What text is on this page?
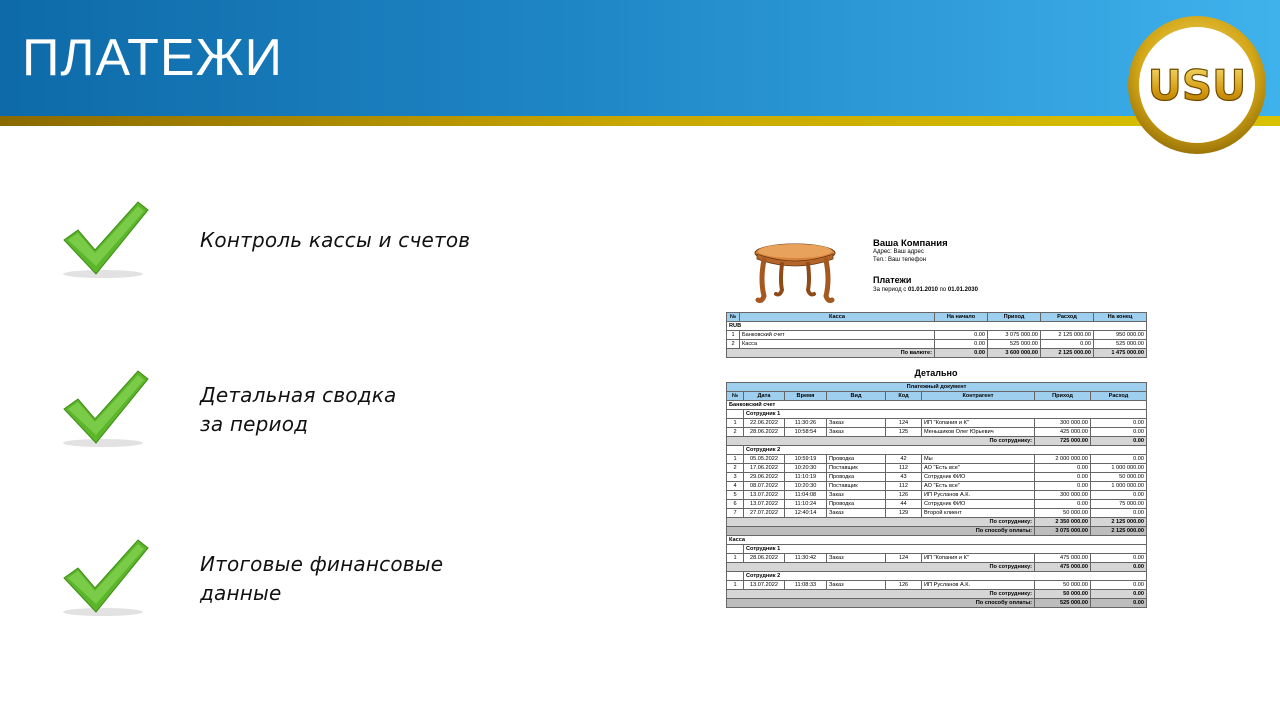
ПЛАТЕЖИ	USU
Контроль кассы и счетов
Детальная сводка
за период
Итоговые финансовые
данные
Ваша Компания
Адрес: Ваш адрес
Тел.: Ваш телефон
Платежи
За период с 01.01.2010 по 01.01.2030
№	Касса	На начало	Приход	Расход	На конец
RUB					
1	Банковский счет	0.00	3 075 000.00	2 125 000.00	950 000.00
2	Касса	0.00	525 000.00	0.00	525 000.00
По валюте:		0.00	3 600 000.00	2 125 000.00	1 475 000.00
Детально
Платежный документ							
№	Дата	Время	Вид	Код	Контрагент	Приход	Расход
Банковский счет							
	Сотрудник 1						
1	22.06.2022	11:30:26	Заказ	124	ИП "Копания и К"	300 000.00	0.00
2	28.06.2022	10:58:54	Заказ	125	Меньшиков Олег Юрьевич	425 000.00	0.00
По сотруднику:						725 000.00	0.00
	Сотрудник 2						
1	05.05.2022	10:59:19	Проводка	42	Мы	2 000 000.00	0.00
2	17.06.2022	10:20:30	Поставщик	112	АО "Есть все"	0.00	1 000 000.00
3	29.06.2022	11:10:19	Проводка	43	Сотрудник ФИО	0.00	50 000.00
4	08.07.2022	10:20:30	Поставщик	112	АО "Есть все"	0.00	1 000 000.00
5	13.07.2022	11:04:08	Заказ	126	ИП Русланов А.К.	300 000.00	0.00
6	13.07.2022	11:10:24	Проводка	44	Сотрудник ФИО	0.00	75 000.00
7	27.07.2022	12:40:14	Заказ	129	Второй клиент	50 000.00	0.00
По сотруднику:						2 350 000.00	2 125 000.00
По способу оплаты:						3 075 000.00	2 125 000.00
Касса							
	Сотрудник 1						
1	28.06.2022	11:30:42	Заказ	124	ИП "Копания и К"	475 000.00	0.00
По сотруднику:						475 000.00	0.00
	Сотрудник 2						
1	13.07.2022	11:08:33	Заказ	126	ИП Русланов А.К.	50 000.00	0.00
По сотруднику:						50 000.00	0.00
По способу оплаты:						525 000.00	0.00
